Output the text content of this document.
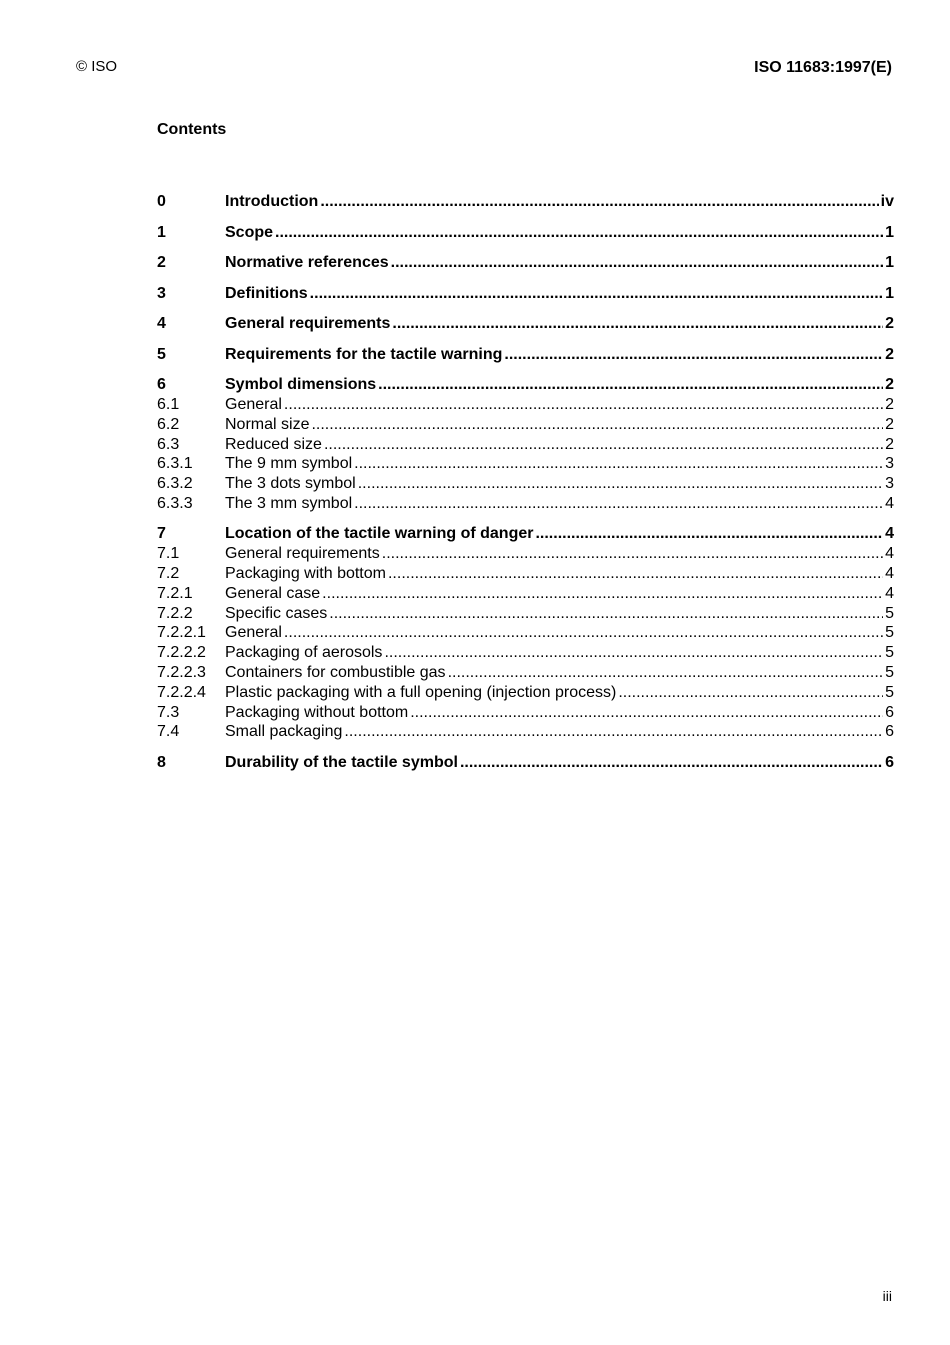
© ISO	ISO 11683:1997(E)
Contents
0	Introduction .....	iv
1	Scope .....	1
2	Normative references .....	1
3	Definitions .....	1
4	General requirements .....	2
5	Requirements for the tactile warning .....	2
6	Symbol dimensions .....	2
6.1	General .....	2
6.2	Normal size .....	2
6.3	Reduced size .....	2
6.3.1	The 9 mm symbol .....	3
6.3.2	The 3 dots symbol .....	3
6.3.3	The 3 mm symbol .....	4
7	Location of the tactile warning of danger .....	4
7.1	General requirements .....	4
7.2	Packaging with bottom .....	4
7.2.1	General case .....	4
7.2.2	Specific cases .....	5
7.2.2.1	General .....	5
7.2.2.2	Packaging of aerosols .....	5
7.2.2.3	Containers for combustible gas .....	5
7.2.2.4	Plastic packaging with a full opening (injection process) .....	5
7.3	Packaging without bottom .....	6
7.4	Small packaging .....	6
8	Durability of the tactile symbol .....	6
iii
